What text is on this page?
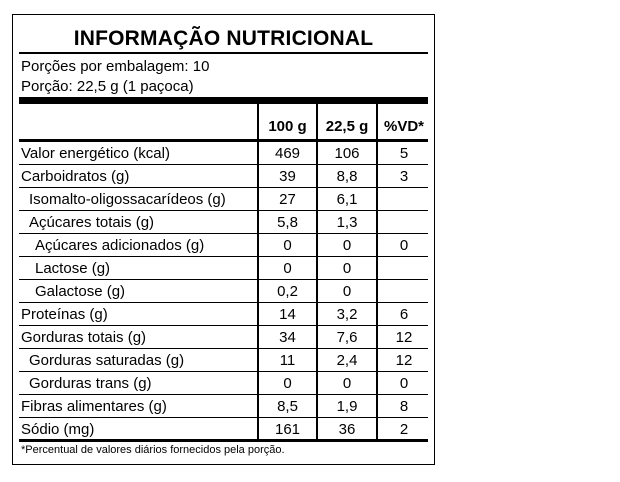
INFORMAÇÃO NUTRICIONAL
Porções por embalagem: 10
Porção: 22,5 g (1 paçoca)
100 g	22,5 g	%VD*
Valor energético (kcal)	469	106	5
Carboidratos (g)	39	8,8	3
Isomalto-oligossacarídeos (g)	27	6,1
Açúcares totais (g)	5,8	1,3
Açúcares adicionados (g)	0	0	0
Lactose (g)	0	0
Galactose (g)	0,2	0
Proteínas (g)	14	3,2	6
Gorduras totais (g)	34	7,6	12
Gorduras saturadas (g)	11	2,4	12
Gorduras trans (g)	0	0	0
Fibras alimentares (g)	8,5	1,9	8
Sódio (mg)	161	36	2
*Percentual de valores diários fornecidos pela porção.
